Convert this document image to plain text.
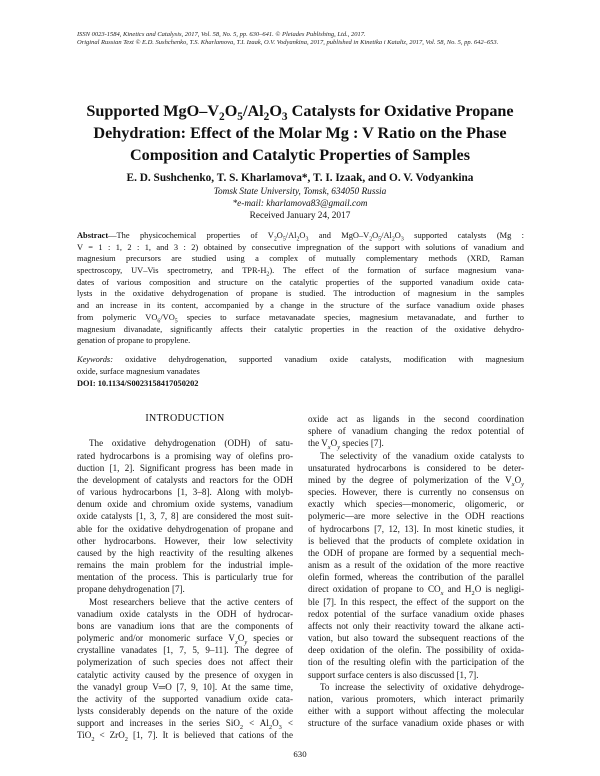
ISSN 0023-1584, Kinetics and Catalysis, 2017, Vol. 58, No. 5, pp. 630–641. © Pleiades Publishing, Ltd., 2017.
Original Russian Text © E.D. Sushchenko, T.S. Kharlamova, T.I. Izaak, O.V. Vodyankina, 2017, published in Kinetika i Kataliz, 2017, Vol. 58, No. 5, pp. 642–653.
Supported MgO–$V_2O_5/Al_2O_3$ Catalysts for Oxidative Propane
Dehydration: Effect of the Molar Mg : V Ratio on the Phase
Composition and Catalytic Properties of Samples
E. D. Sushchenko, T. S. Kharlamova*, T. I. Izaak, and O. V. Vodyankina
Tomsk State University, Tomsk, 634050 Russia
*e-mail: kharlamova83@gmail.com
Received January 24, 2017
Abstract—The physicochemical properties of $V_2O_5/Al_2O_3$ and MgO–$V_2O_5/Al_2O_3$ supported catalysts (Mg :
V = 1 : 1, 2 : 1, and 3 : 2) obtained by consecutive impregnation of the support with solutions of vanadium and
magnesium precursors are studied using a complex of mutually complementary methods (XRD, Raman
spectroscopy, UV–Vis spectrometry, and TPR-$H_2$). The effect of the formation of surface magnesium vana-
dates of various composition and structure on the catalytic properties of the supported vanadium oxide cata-
lysts in the oxidative dehydrogenation of propane is studied. The introduction of magnesium in the samples
and an increase in its content, accompanied by a change in the structure of the surface vanadium oxide phases
from polymeric $VO_6/VO_5$ species to surface metavanadate species, magnesium metavanadate, and further to
magnesium divanadate, significantly affects their catalytic properties in the reaction of the oxidative dehydro-
genation of propane to propylene.
Keywords: oxidative dehydrogenation, supported vanadium oxide catalysts, modification with magnesium
oxide, surface magnesium vanadates
DOI: 10.1134/S0023158417050202
INTRODUCTION

The oxidative dehydrogenation (ODH) of satu-
rated hydrocarbons is a promising way of olefins pro-
duction [1, 2]. Significant progress has been made in
the development of catalysts and reactors for the ODH
of various hydrocarbons [1, 3–8]. Along with molyb-
denum oxide and chromium oxide systems, vanadium
oxide catalysts [1, 3, 7, 8] are considered the most suit-
able for the oxidative dehydrogenation of propane and
other hydrocarbons. However, their low selectivity
caused by the high reactivity of the resulting alkenes
remains the main problem for the industrial imple-
mentation of the process. This is particularly true for
propane dehydrogenation [7].
Most researchers believe that the active centers of
vanadium oxide catalysts in the ODH of hydrocar-
bons are vanadium ions that are the components of
polymeric and/or monomeric surface $V_xO_y$ species or
crystalline vanadates [1, 7, 5, 9–11]. The degree of
polymerization of such species does not affect their
catalytic activity caused by the presence of oxygen in
the vanadyl group V═O [7, 9, 10]. At the same time,
the activity of the supported vanadium oxide cata-
lysts considerably depends on the nature of the oxide
support and increases in the series $SiO_2 < Al_2O_3$ <
TiO$_2$ < ZrO$_2$ [1, 7]. It is believed that cations of the
oxide act as ligands in the second coordination
sphere of vanadium changing the redox potential of
the $V_xO_y$ species [7].
The selectivity of the vanadium oxide catalysts to
unsaturated hydrocarbons is considered to be deter-
mined by the degree of polymerization of the $V_xO_y$
species. However, there is currently no consensus on
exactly which species—monomeric, oligomeric, or
polymeric—are more selective in the ODH reactions
of hydrocarbons [7, 12, 13]. In most kinetic studies, it
is believed that the products of complete oxidation in
the ODH of propane are formed by a sequential mech-
anism as a result of the oxidation of the more reactive
olefin formed, whereas the contribution of the parallel
direct oxidation of propane to $CO_x$ and $H_2O$ is negligi-
ble [7]. In this respect, the effect of the support on the
redox potential of the surface vanadium oxide phases
affects not only their reactivity toward the alkane acti-
vation, but also toward the subsequent reactions of the
deep oxidation of the olefin. The possibility of oxida-
tion of the resulting olefin with the participation of the
support surface centers is also discussed [1, 7].
To increase the selectivity of oxidative dehydroge-
nation, various promoters, which interact primarily
either with a support without affecting the molecular
structure of the surface vanadium oxide phases or with
630
